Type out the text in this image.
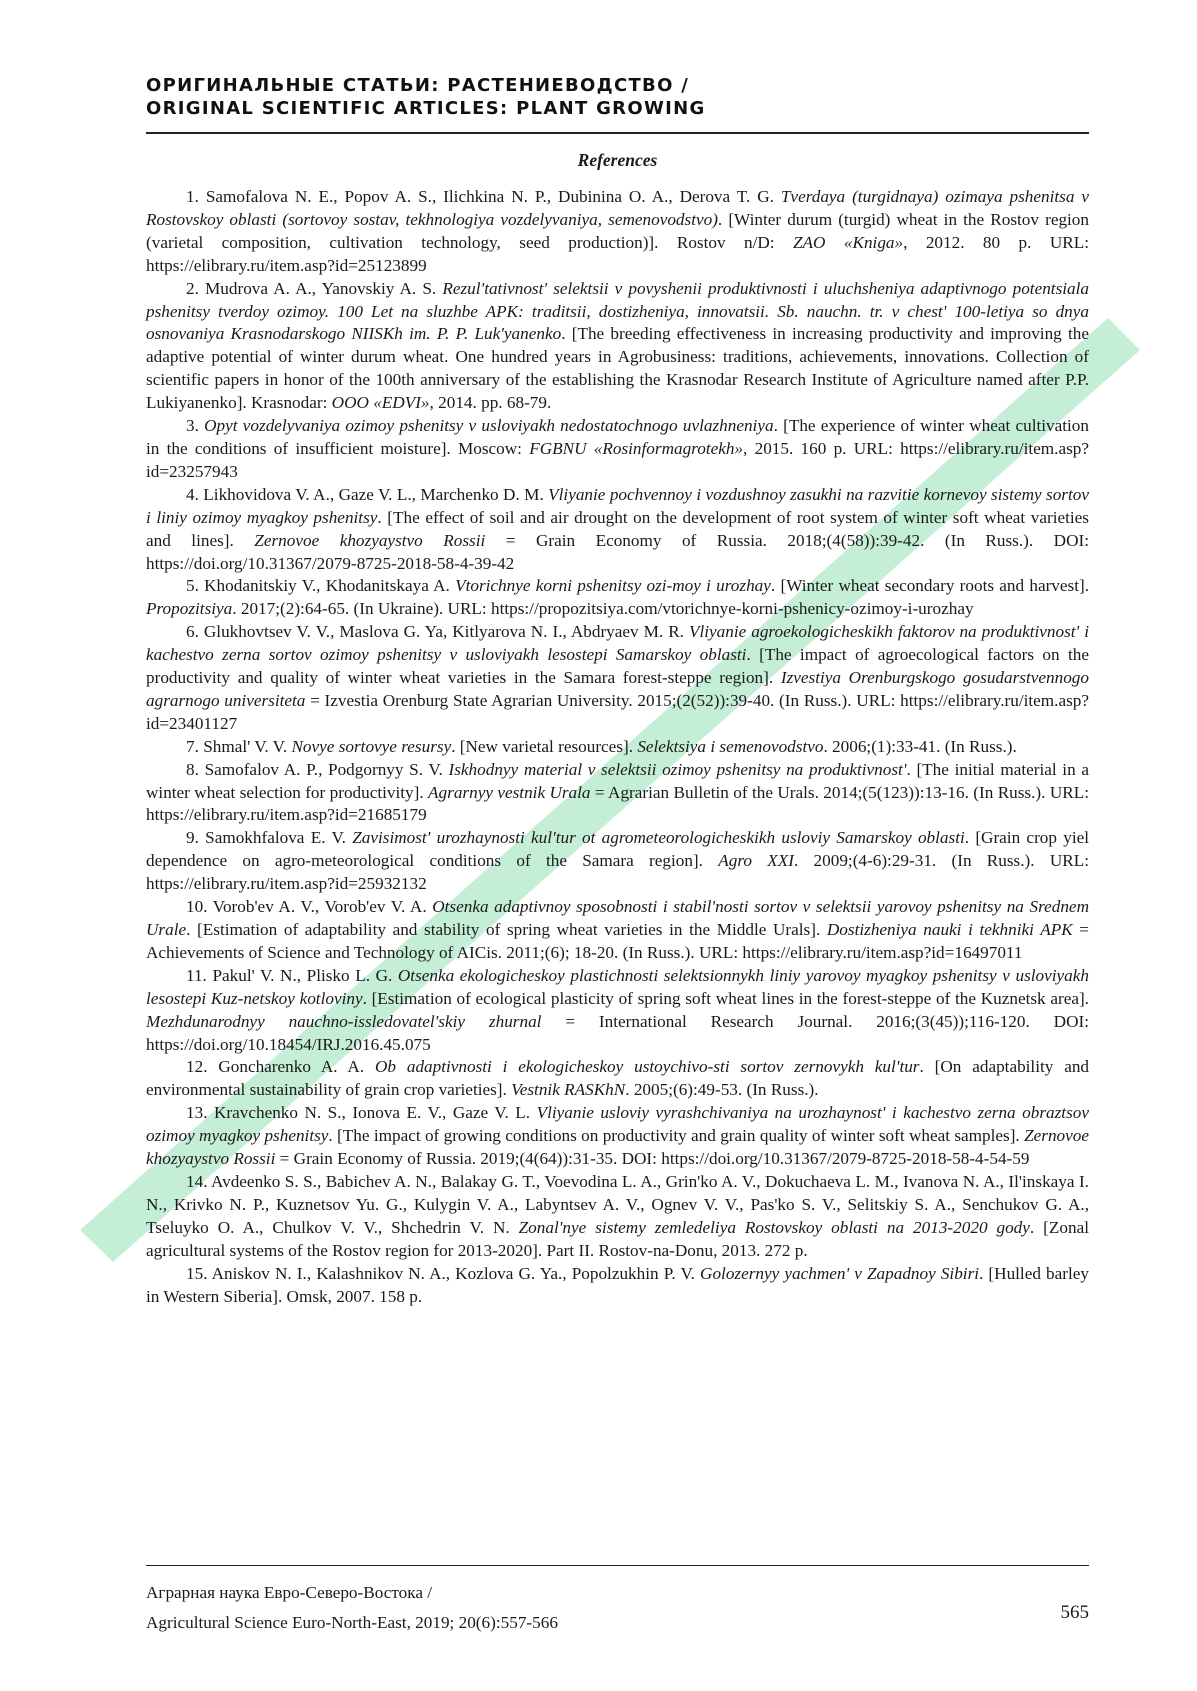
ОРИГИНАЛЬНЫЕ СТАТЬИ: РАСТЕНИЕВОДСТВО /
ORIGINAL SCIENTIFIC ARTICLES: PLANT GROWING
References

1. Samofalova N. E., Popov A. S., Ilichkina N. P., Dubinina O. A., Derova T. G. Tverdaya (turgidnaya) ozimaya pshenitsa v Rostovskoy oblasti (sortovoy sostav, tekhnologiya vozdelyvaniya, semenovodstvo). [Winter durum (turgid) wheat in the Rostov region (varietal composition, cultivation technology, seed production)]. Rostov n/D: ZAO «Kniga», 2012. 80 p. URL: https://elibrary.ru/item.asp?id=25123899

2. Mudrova A. A., Yanovskiy A. S. Rezul'tativnost' selektsii v povyshenii produktivnosti i uluchsheniya adaptivnogo potentsiala pshenitsy tverdoy ozimoy. 100 Let na sluzhbe APK: traditsii, dostizheniya, innovatsii. Sb. nauchn. tr. v chest' 100-letiya so dnya osnovaniya Krasnodarskogo NIISKh im. P. P. Luk'yanenko. [The breeding effectiveness in increasing productivity and improving the adaptive potential of winter durum wheat. One hundred years in Agrobusiness: traditions, achievements, innovations. Collection of scientific papers in honor of the 100th anniversary of the establishing the Krasnodar Research Institute of Agriculture named after P.P. Lukiyanenko]. Krasnodar: OOO «EDVI», 2014. pp. 68-79.

3. Opyt vozdelyvaniya ozimoy pshenitsy v usloviyakh nedostatochnogo uvlazhneniya. [The experience of winter wheat cultivation in the conditions of insufficient moisture]. Moscow: FGBNU «Rosinformagrotekh», 2015. 160 p. URL: https://elibrary.ru/item.asp?id=23257943

4. Likhovidova V. A., Gaze V. L., Marchenko D. M. Vliyanie pochvennoy i vozdushnoy zasukhi na razvitie kornevoy sistemy sortov i liniy ozimoy myagkoy pshenitsy. [The effect of soil and air drought on the development of root system of winter soft wheat varieties and lines]. Zernovoe khozyaystvo Rossii = Grain Economy of Russia. 2018;(4(58)):39-42. (In Russ.). DOI: https://doi.org/10.31367/2079-8725-2018-58-4-39-42

5. Khodanitskiy V., Khodanitskaya A. Vtorichnye korni pshenitsy ozi-moy i urozhay. [Winter wheat secondary roots and harvest]. Propozitsiya. 2017;(2):64-65. (In Ukraine). URL: https://propozitsiya.com/vtorichnye-korni-pshenicy-ozimoy-i-urozhay

6. Glukhovtsev V. V., Maslova G. Ya, Kitlyarova N. I., Abdryaev M. R. Vliyanie agroekologicheskikh faktorov na produktivnost' i kachestvo zerna sortov ozimoy pshenitsy v usloviyakh lesostepi Samarskoy oblasti. [The impact of agroecological factors on the productivity and quality of winter wheat varieties in the Samara forest-steppe region]. Izvestiya Orenburgskogo gosudarstvennogo agrarnogo universiteta = Izvestia Orenburg State Agrarian University. 2015;(2(52)):39-40. (In Russ.). URL: https://elibrary.ru/item.asp?id=23401127

7. Shmal' V. V. Novye sortovye resursy. [New varietal resources]. Selektsiya i semenovodstvo. 2006;(1):33-41. (In Russ.).

8. Samofalov A. P., Podgornyy S. V. Iskhodnyy material v selektsii ozimoy pshenitsy na produktivnost'. [The initial material in a winter wheat selection for productivity]. Agrarnyy vestnik Urala = Agrarian Bulletin of the Urals. 2014;(5(123)):13-16. (In Russ.). URL: https://elibrary.ru/item.asp?id=21685179

9. Samokhfalova E. V. Zavisimost' urozhaynosti kul'tur ot agrometeorologicheskikh usloviy Samarskoy oblasti. [Grain crop yiel dependence on agro-meteorological conditions of the Samara region]. Agro XXI. 2009;(4-6):29-31. (In Russ.). URL: https://elibrary.ru/item.asp?id=25932132

10. Vorob'ev A. V., Vorob'ev V. A. Otsenka adaptivnoy sposobnosti i stabil'nosti sortov v selektsii yarovoy pshenitsy na Srednem Urale. [Estimation of adaptability and stability of spring wheat varieties in the Middle Urals]. Dostizheniya nauki i tekhniki APK = Achievements of Science and Technology of AICis. 2011;(6); 18-20. (In Russ.). URL: https://elibrary.ru/item.asp?id=16497011

11. Pakul' V. N., Plisko L. G. Otsenka ekologicheskoy plastichnosti selektsionnykh liniy yarovoy myagkoy pshenitsy v usloviyakh lesostepi Kuz-netskoy kotloviny. [Estimation of ecological plasticity of spring soft wheat lines in the forest-steppe of the Kuznetsk area]. Mezhdunarodnyy nauchno-issledovatel'skiy zhurnal = International Research Journal. 2016;(3(45));116-120. DOI: https://doi.org/10.18454/IRJ.2016.45.075

12. Goncharenko A. A. Ob adaptivnosti i ekologicheskoy ustoychivo-sti sortov zernovykh kul'tur. [On adaptability and environmental sustainability of grain crop varieties]. Vestnik RASKhN. 2005;(6):49-53. (In Russ.).

13. Kravchenko N. S., Ionova E. V., Gaze V. L. Vliyanie usloviy vyrashchivaniya na urozhaynost' i kachestvo zerna obraztsov ozimoy myagkoy pshenitsy. [The impact of growing conditions on productivity and grain quality of winter soft wheat samples]. Zernovoe khozyaystvo Rossii = Grain Economy of Russia. 2019;(4(64)):31-35. DOI: https://doi.org/10.31367/2079-8725-2018-58-4-54-59

14. Avdeenko S. S., Babichev A. N., Balakay G. T., Voevodina L. A., Grin'ko A. V., Dokuchaeva L. M., Ivanova N. A., Il'inskaya I. N., Krivko N. P., Kuznetsov Yu. G., Kulygin V. A., Labyntsev A. V., Ognev V. V., Pas'ko S. V., Selitskiy S. A., Senchukov G. A., Tseluyko O. A., Chulkov V. V., Shchedrin V. N. Zonal'nye sistemy zemledeliya Rostovskoy oblasti na 2013-2020 gody. [Zonal agricultural systems of the Rostov region for 2013-2020]. Part II. Rostov-na-Donu, 2013. 272 p.

15. Aniskov N. I., Kalashnikov N. A., Kozlova G. Ya., Popolzukhin P. V. Golozernyy yachmen' v Zapadnoy Sibiri. [Hulled barley in Western Siberia]. Omsk, 2007. 158 p.

Аграрная наука Евро-Северо-Востока /
Agricultural Science Euro-North-East, 2019; 20(6):557-566	565
